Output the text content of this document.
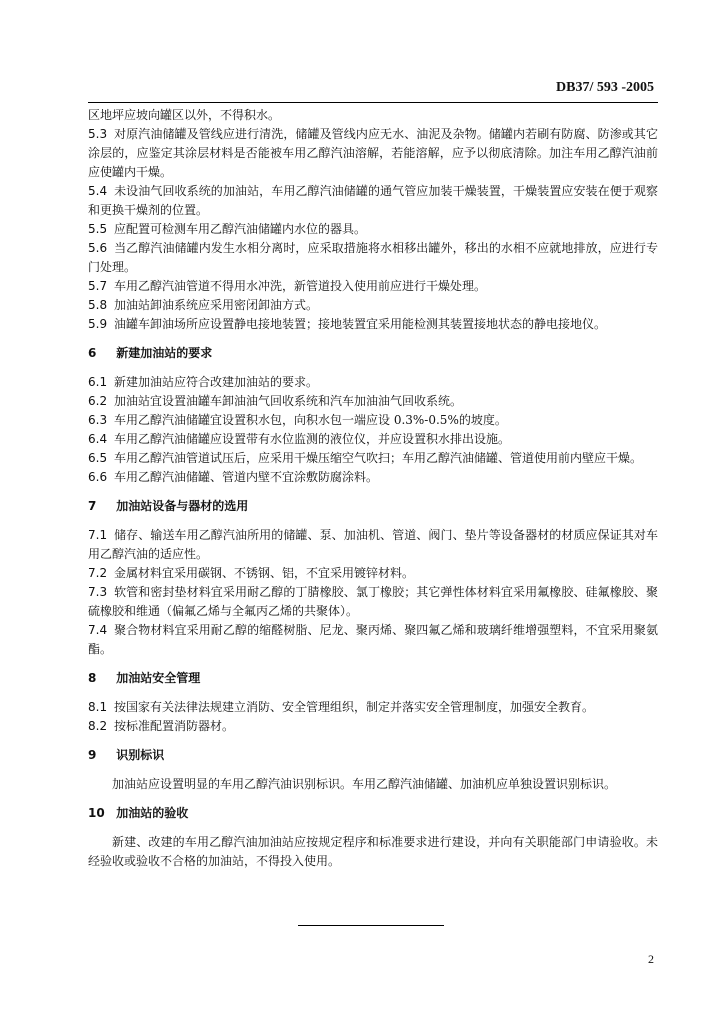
DB37/ 593 -2005

区地坪应坡向罐区以外，不得积水。

5.3 对原汽油储罐及管线应进行清洗，储罐及管线内应无水、油泥及杂物。储罐内若刷有防腐、防渗或其它涂层的，应鉴定其涂层材料是否能被车用乙醇汽油溶解，若能溶解，应予以彻底清除。加注车用乙醇汽油前应使罐内干燥。

5.4 未设油气回收系统的加油站，车用乙醇汽油储罐的通气管应加装干燥装置，干燥装置应安装在便于观察和更换干燥剂的位置。

5.5 应配置可检测车用乙醇汽油储罐内水位的器具。

5.6 当乙醇汽油储罐内发生水相分离时，应采取措施将水相移出罐外，移出的水相不应就地排放，应进行专门处理。

5.7 车用乙醇汽油管道不得用水冲洗，新管道投入使用前应进行干燥处理。

5.8 加油站卸油系统应采用密闭卸油方式。

5.9 油罐车卸油场所应设置静电接地装置；接地装置宜采用能检测其装置接地状态的静电接地仪。

6 新建加油站的要求

6.1 新建加油站应符合改建加油站的要求。

6.2 加油站宜设置油罐车卸油油气回收系统和汽车加油油气回收系统。

6.3 车用乙醇汽油储罐宜设置积水包，向积水包一端应设 0.3%-0.5%的坡度。

6.4 车用乙醇汽油储罐应设置带有水位监测的液位仪，并应设置积水排出设施。

6.5 车用乙醇汽油管道试压后，应采用干燥压缩空气吹扫；车用乙醇汽油储罐、管道使用前内壁应干燥。

6.6 车用乙醇汽油储罐、管道内壁不宜涂敷防腐涂料。

7 加油站设备与器材的选用

7.1 储存、输送车用乙醇汽油所用的储罐、泵、加油机、管道、阀门、垫片等设备器材的材质应保证其对车用乙醇汽油的适应性。

7.2 金属材料宜采用碳钢、不锈钢、铝，不宜采用镀锌材料。

7.3 软管和密封垫材料宜采用耐乙醇的丁腈橡胶、氯丁橡胶；其它弹性体材料宜采用氟橡胶、硅氟橡胶、聚硫橡胶和维通（偏氟乙烯与全氟丙乙烯的共聚体）。

7.4 聚合物材料宜采用耐乙醇的缩醛树脂、尼龙、聚丙烯、聚四氟乙烯和玻璃纤维增强塑料，不宜采用聚氨酯。

8 加油站安全管理

8.1 按国家有关法律法规建立消防、安全管理组织，制定并落实安全管理制度，加强安全教育。

8.2 按标准配置消防器材。

9 识别标识

加油站应设置明显的车用乙醇汽油识别标识。车用乙醇汽油储罐、加油机应单独设置识别标识。

10 加油站的验收

新建、改建的车用乙醇汽油加油站应按规定程序和标准要求进行建设，并向有关职能部门申请验收。未经验收或验收不合格的加油站，不得投入使用。

2
